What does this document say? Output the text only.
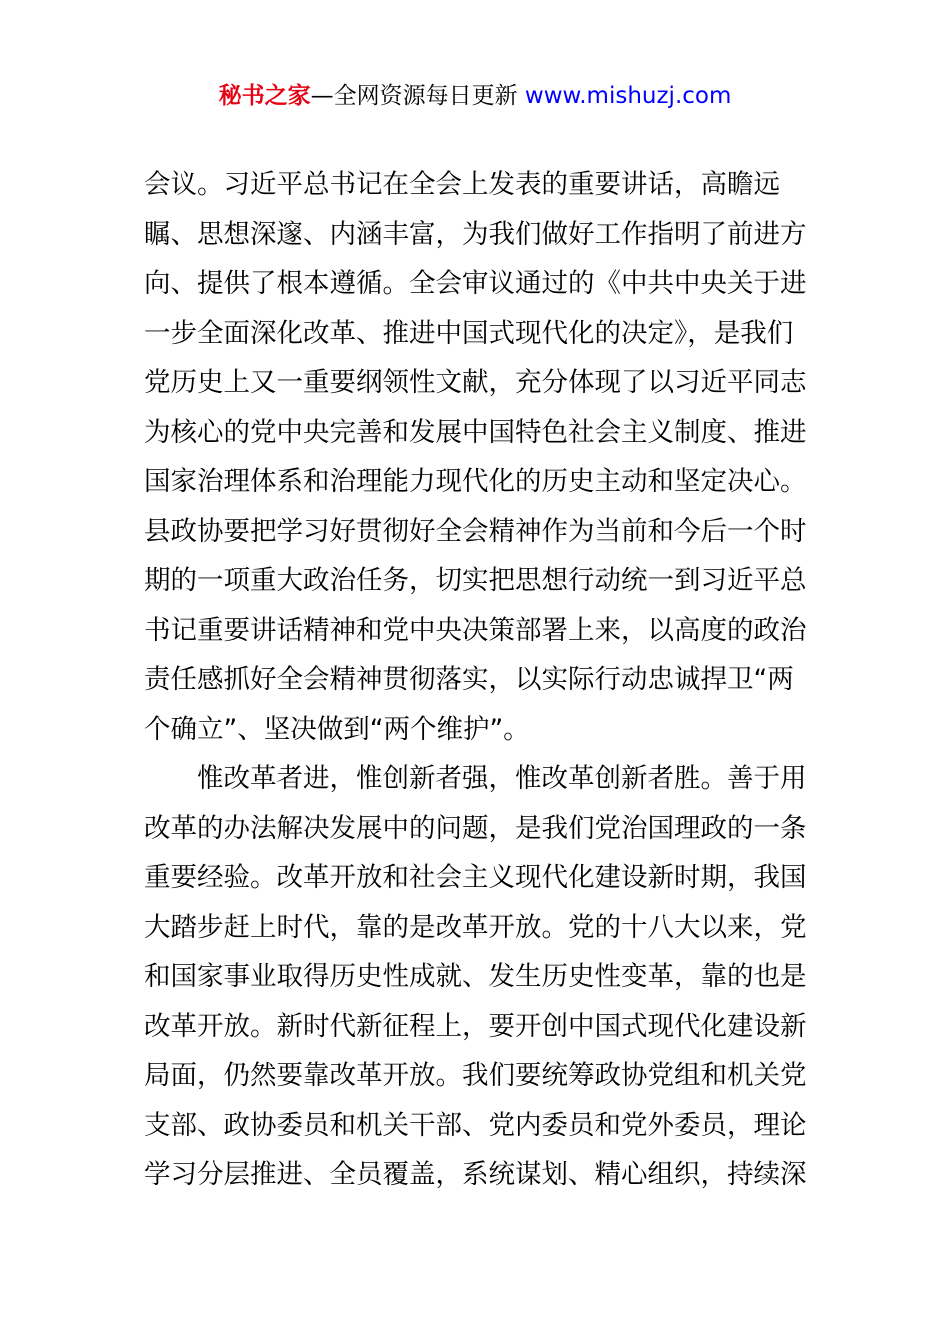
秘书之家—全网资源每日更新 www.mishuzj.com
会议。习近平总书记在全会上发表的重要讲话，高瞻远
瞩、思想深邃、内涵丰富，为我们做好工作指明了前进方
向、提供了根本遵循。全会审议通过的《中共中央关于进
一步全面深化改革、推进中国式现代化的决定》，是我们
党历史上又一重要纲领性文献，充分体现了以习近平同志
为核心的党中央完善和发展中国特色社会主义制度、推进
国家治理体系和治理能力现代化的历史主动和坚定决心。
县政协要把学习好贯彻好全会精神作为当前和今后一个时
期的一项重大政治任务，切实把思想行动统一到习近平总
书记重要讲话精神和党中央决策部署上来，以高度的政治
责任感抓好全会精神贯彻落实，以实际行动忠诚捍卫“两
个确立”、坚决做到“两个维护”。
惟改革者进，惟创新者强，惟改革创新者胜。善于用
改革的办法解决发展中的问题，是我们党治国理政的一条
重要经验。改革开放和社会主义现代化建设新时期，我国
大踏步赶上时代，靠的是改革开放。党的十八大以来，党
和国家事业取得历史性成就、发生历史性变革，靠的也是
改革开放。新时代新征程上，要开创中国式现代化建设新
局面，仍然要靠改革开放。我们要统筹政协党组和机关党
支部、政协委员和机关干部、党内委员和党外委员，理论
学习分层推进、全员覆盖，系统谋划、精心组织，持续深
